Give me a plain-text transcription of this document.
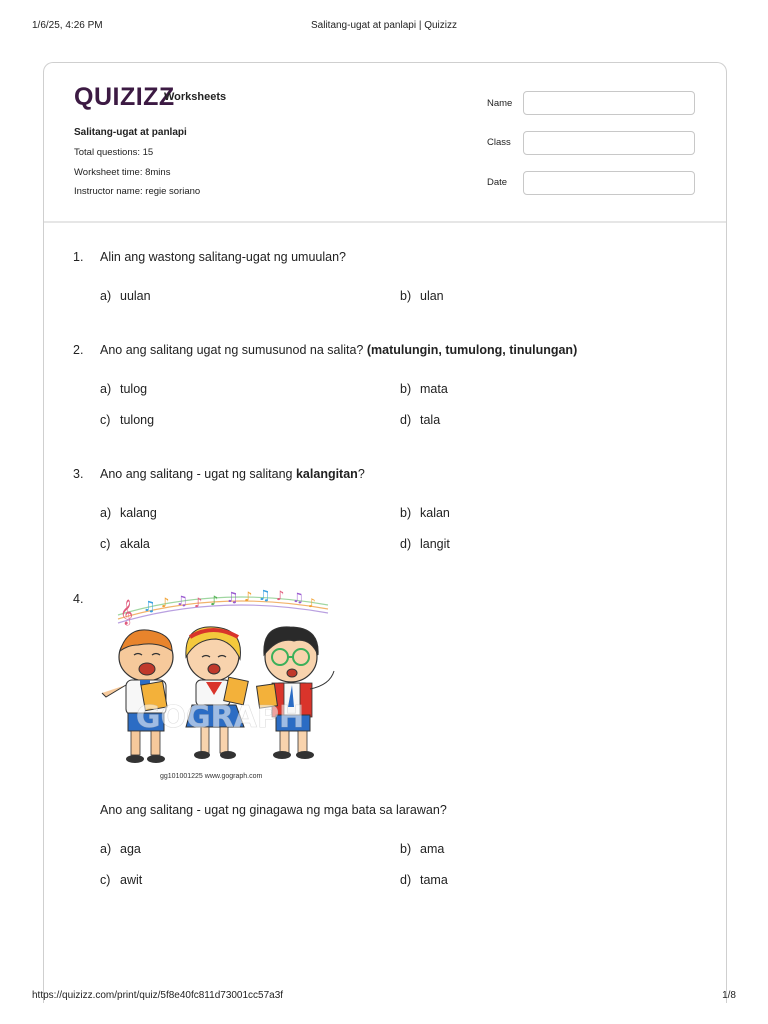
1/6/25, 4:26 PM	Salitang-ugat at panlapi | Quizizz
QUIZIZZ
Worksheets
Salitang-ugat at panlapi
Total questions: 15
Worksheet time: 8mins
Instructor name: regie soriano
Name
Class
Date
1. Alin ang wastong salitang-ugat ng umuulan?
a) uulan	b) ulan
2. Ano ang salitang ugat ng sumusunod na salita? (matulungin, tumulong, tinulungan)
a) tulog	b) mata
c) tulong	d) tala
3. Ano ang salitang - ugat ng salitang kalangitan?
a) kalang	b) kalan
c) akala	d) langit
4.
𝄞 ♫ ♪ ♫ ♪ ♪ ♫ ♪ ♫ ♪ ♫ ♪
GOGRAPH
gg101001225 www.gograph.com
Ano ang salitang - ugat ng ginagawa ng mga bata sa larawan?
a) aga	b) ama
c) awit	d) tama
https://quizizz.com/print/quiz/5f8e40fc811d73001cc57a3f	1/8
